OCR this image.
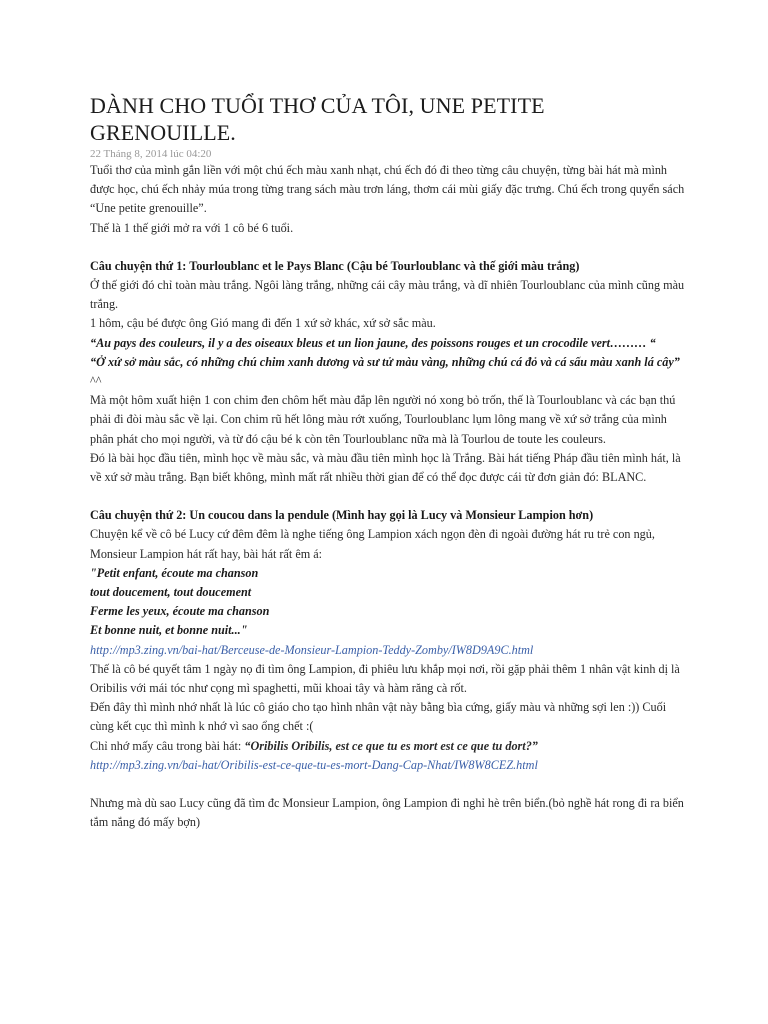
DÀNH CHO TUỔI THƠ CỦA TÔI, UNE PETITE GRENOUILLE.
22 Tháng 8, 2014 lúc 04:20

Tuổi thơ của mình gắn liền với một chú ếch màu xanh nhạt, chú ếch đó đi theo từng câu chuyện, từng bài hát mà mình được học, chú ếch nhảy múa trong từng trang sách màu trơn láng, thơm cái mùi giấy đặc trưng. Chú ếch trong quyển sách “Une petite grenouille”.

Thế là 1 thế giới mở ra với 1 cô bé 6 tuổi.

Câu chuyện thứ 1: Tourloublanc et le Pays Blanc (Cậu bé Tourloublanc và thế giới màu trắng)

Ở thế giới đó chỉ toàn màu trắng. Ngôi làng trắng, những cái cây màu trắng, và dĩ nhiên Tourloublanc của mình cũng màu trắng.

1 hôm, cậu bé được ông Gió mang đi đến 1 xứ sở khác, xứ sở sắc màu.

“Au pays des couleurs, il y a des oiseaux bleus et un lion jaune, des poissons rouges et un crocodile vert……… “

“Ở xứ sở màu sắc, có những chú chim xanh dương và sư tử màu vàng, những chú cá đỏ và cá sấu màu xanh lá cây” ^^

Mà một hôm xuất hiện 1 con chim đen chôm hết màu đắp lên người nó xong bỏ trốn, thế là Tourloublanc và các bạn thú phải đi đòi màu sắc về lại. Con chim rũ hết lông màu rớt xuống, Tourloublanc lụm lông mang về xứ sở trắng của mình phân phát cho mọi người, và từ đó cậu bé k còn tên Tourloublanc nữa mà là Tourlou de toute les couleurs.

Đó là bài học đầu tiên, mình học về màu sắc, và màu đầu tiên mình học là Trắng. Bài hát tiếng Pháp đầu tiên mình hát, là về xứ sở màu trắng. Bạn biết không, mình mất rất nhiều thời gian để có thể đọc được cái từ đơn giản đó: BLANC.

Câu chuyện thứ 2: Un coucou dans la pendule (Mình hay gọi là Lucy và Monsieur Lampion hơn)

Chuyện kể về cô bé Lucy cứ đêm đêm là nghe tiếng ông Lampion xách ngọn đèn đi ngoài đường hát ru trẻ con ngủ, Monsieur Lampion hát rất hay, bài hát rất êm á:

"Petit enfant, écoute ma chanson

tout doucement, tout doucement

Ferme les yeux, écoute ma chanson

Et bonne nuit, et bonne nuit..."

http://mp3.zing.vn/bai-hat/Berceuse-de-Monsieur-Lampion-Teddy-Zomby/IW8D9A9C.html

Thế là cô bé quyết tâm 1 ngày nọ đi tìm ông Lampion, đi phiêu lưu khắp mọi nơi, rồi gặp phải thêm 1 nhân vật kinh dị là Oribilis với mái tóc như cọng mì spaghetti, mũi khoai tây và hàm răng cà rốt.

Đến đây thì mình nhớ nhất là lúc cô giáo cho tạo hình nhân vật này bằng bìa cứng, giấy màu và những sợi len :)) Cuối cùng kết cục thì mình k nhớ vì sao ổng chết :(

Chỉ nhớ mấy câu trong bài hát: “Oribilis Oribilis, est ce que tu es mort est ce que tu dort?”

http://mp3.zing.vn/bai-hat/Oribilis-est-ce-que-tu-es-mort-Dang-Cap-Nhat/IW8W8CEZ.html

Nhưng mà dù sao Lucy cũng đã tìm đc Monsieur Lampion, ông Lampion đi nghỉ hè trên biển.(bỏ nghề hát rong đi ra biển tắm nắng đó mấy bợn)
